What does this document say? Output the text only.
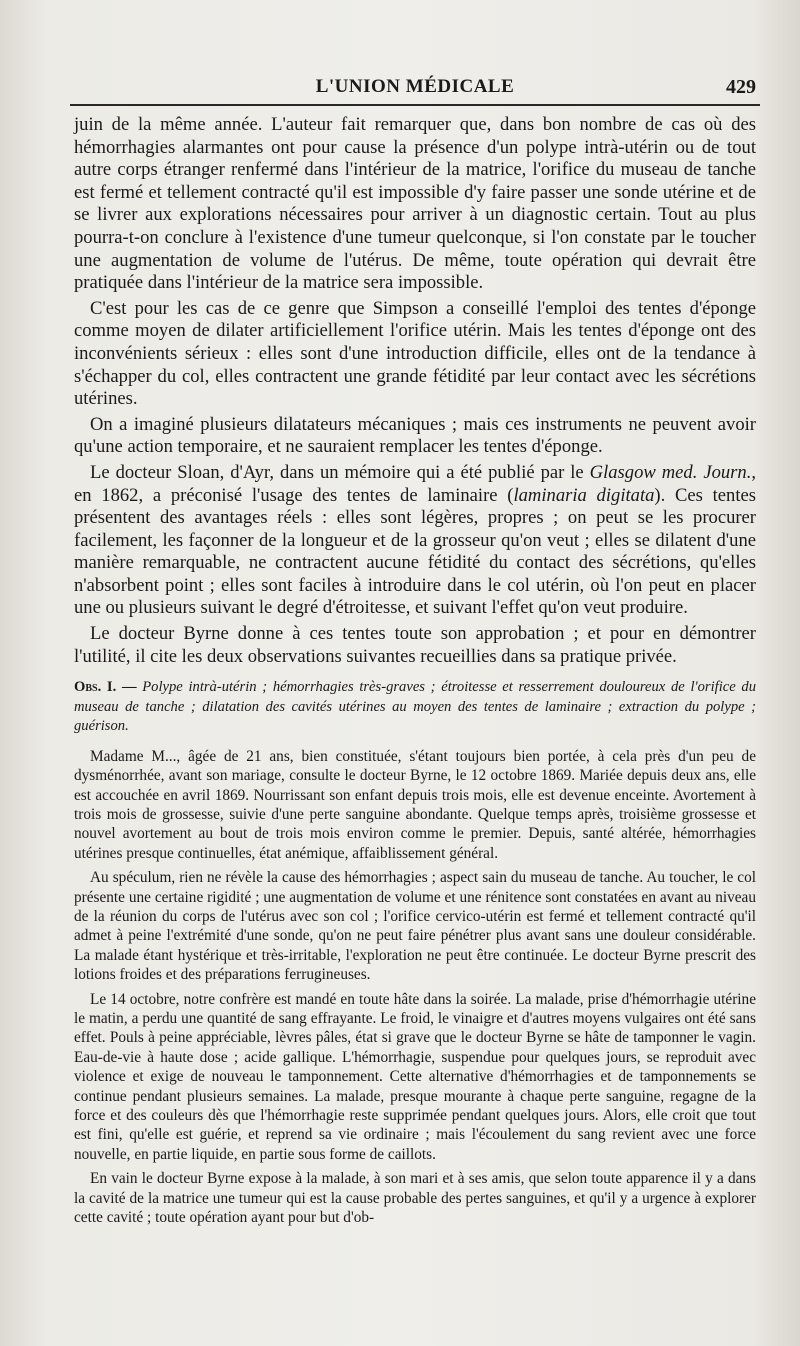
L'UNION MÉDICALE	429

juin de la même année. L'auteur fait remarquer que, dans bon nombre de cas où des hémorrhagies alarmantes ont pour cause la présence d'un polype intrà-utérin ou de tout autre corps étranger renfermé dans l'intérieur de la matrice, l'orifice du museau de tanche est fermé et tellement contracté qu'il est impossible d'y faire passer une sonde utérine et de se livrer aux explorations nécessaires pour arriver à un diagnostic certain. Tout au plus pourra-t-on conclure à l'existence d'une tumeur quelconque, si l'on constate par le toucher une augmentation de volume de l'utérus. De même, toute opération qui devrait être pratiquée dans l'intérieur de la matrice sera impossible.

C'est pour les cas de ce genre que Simpson a conseillé l'emploi des tentes d'éponge comme moyen de dilater artificiellement l'orifice utérin. Mais les tentes d'éponge ont des inconvénients sérieux : elles sont d'une introduction difficile, elles ont de la tendance à s'échapper du col, elles contractent une grande fétidité par leur contact avec les sécrétions utérines.

On a imaginé plusieurs dilatateurs mécaniques ; mais ces instruments ne peuvent avoir qu'une action temporaire, et ne sauraient remplacer les tentes d'éponge.

Le docteur Sloan, d'Ayr, dans un mémoire qui a été publié par le Glasgow med. Journ., en 1862, a préconisé l'usage des tentes de laminaire (laminaria digitata). Ces tentes présentent des avantages réels : elles sont légères, propres ; on peut se les procurer facilement, les façonner de la longueur et de la grosseur qu'on veut ; elles se dilatent d'une manière remarquable, ne contractent aucune fétidité du contact des sécrétions, qu'elles n'absorbent point ; elles sont faciles à introduire dans le col utérin, où l'on peut en placer une ou plusieurs suivant le degré d'étroitesse, et suivant l'effet qu'on veut produire.

Le docteur Byrne donne à ces tentes toute son approbation ; et pour en démontrer l'utilité, il cite les deux observations suivantes recueillies dans sa pratique privée.

Obs. I. — Polype intrà-utérin ; hémorrhagies très-graves ; étroitesse et resserrement douloureux de l'orifice du museau de tanche ; dilatation des cavités utérines au moyen des tentes de laminaire ; extraction du polype ; guérison.

Madame M..., âgée de 21 ans, bien constituée, s'étant toujours bien portée, à cela près d'un peu de dysménorrhée, avant son mariage, consulte le docteur Byrne, le 12 octobre 1869. Mariée depuis deux ans, elle est accouchée en avril 1869. Nourrissant son enfant depuis trois mois, elle est devenue enceinte. Avortement à trois mois de grossesse, suivie d'une perte sanguine abondante. Quelque temps après, troisième grossesse et nouvel avortement au bout de trois mois environ comme le premier. Depuis, santé altérée, hémorrhagies utérines presque continuelles, état anémique, affaiblissement général.

Au spéculum, rien ne révèle la cause des hémorrhagies ; aspect sain du museau de tanche. Au toucher, le col présente une certaine rigidité ; une augmentation de volume et une rénitence sont constatées en avant au niveau de la réunion du corps de l'utérus avec son col ; l'orifice cervico-utérin est fermé et tellement contracté qu'il admet à peine l'extrémité d'une sonde, qu'on ne peut faire pénétrer plus avant sans une douleur considérable. La malade étant hystérique et très-irritable, l'exploration ne peut être continuée. Le docteur Byrne prescrit des lotions froides et des préparations ferrugineuses.

Le 14 octobre, notre confrère est mandé en toute hâte dans la soirée. La malade, prise d'hémorrhagie utérine le matin, a perdu une quantité de sang effrayante. Le froid, le vinaigre et d'autres moyens vulgaires ont été sans effet. Pouls à peine appréciable, lèvres pâles, état si grave que le docteur Byrne se hâte de tamponner le vagin. Eau-de-vie à haute dose ; acide gallique. L'hémorrhagie, suspendue pour quelques jours, se reproduit avec violence et exige de nouveau le tamponnement. Cette alternative d'hémorrhagies et de tamponnements se continue pendant plusieurs semaines. La malade, presque mourante à chaque perte sanguine, regagne de la force et des couleurs dès que l'hémorrhagie reste supprimée pendant quelques jours. Alors, elle croit que tout est fini, qu'elle est guérie, et reprend sa vie ordinaire ; mais l'écoulement du sang revient avec une force nouvelle, en partie liquide, en partie sous forme de caillots.

En vain le docteur Byrne expose à la malade, à son mari et à ses amis, que selon toute apparence il y a dans la cavité de la matrice une tumeur qui est la cause probable des pertes sanguines, et qu'il y a urgence à explorer cette cavité ; toute opération ayant pour but d'ob-
